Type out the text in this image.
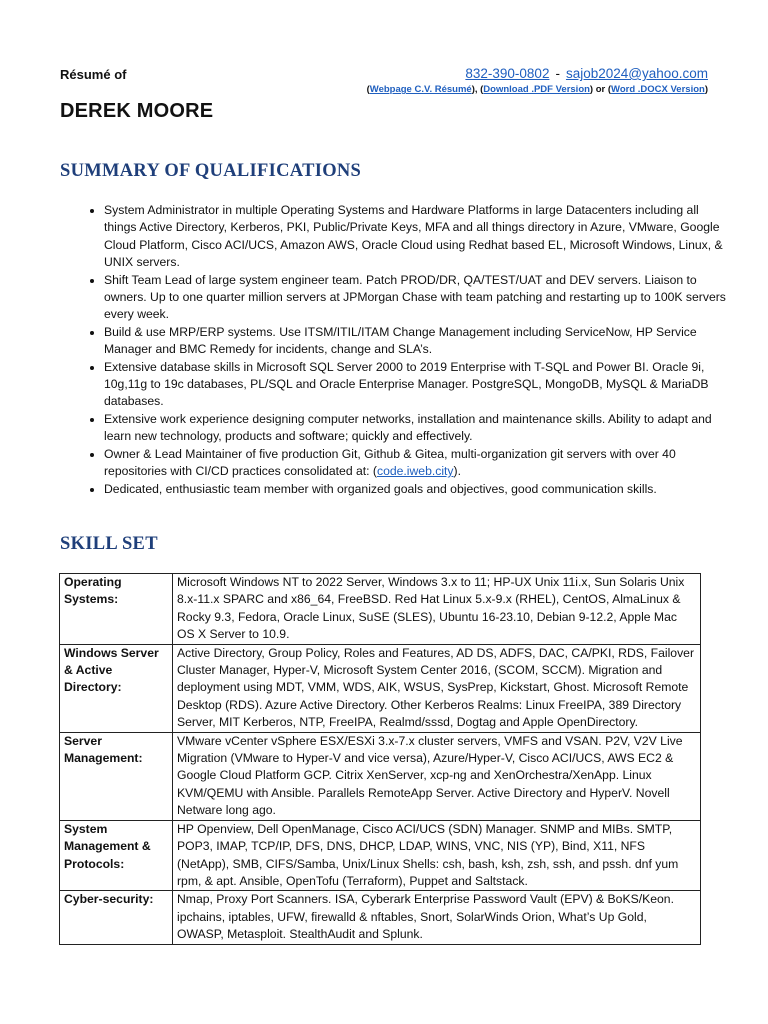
Résumé of	832-390-0802 - sajob2024@yahoo.com
(Webpage C.V. Résumé), (Download .PDF Version) or (Word .DOCX Version)
DEREK MOORE
SUMMARY OF QUALIFICATIONS
• System Administrator in multiple Operating Systems and Hardware Platforms in large Datacenters including all things Active Directory, Kerberos, PKI, Public/Private Keys, MFA and all things directory in Azure, VMware, Google Cloud Platform, Cisco ACI/UCS, Amazon AWS, Oracle Cloud using Redhat based EL, Microsoft Windows, Linux, & UNIX servers.
• Shift Team Lead of large system engineer team. Patch PROD/DR, QA/TEST/UAT and DEV servers. Liaison to owners. Up to one quarter million servers at JPMorgan Chase with team patching and restarting up to 100K servers every week.
• Build & use MRP/ERP systems. Use ITSM/ITIL/ITAM Change Management including ServiceNow, HP Service Manager and BMC Remedy for incidents, change and SLA’s.
• Extensive database skills in Microsoft SQL Server 2000 to 2019 Enterprise with T-SQL and Power BI. Oracle 9i, 10g,11g to 19c databases, PL/SQL and Oracle Enterprise Manager. PostgreSQL, MongoDB, MySQL & MariaDB databases.
• Extensive work experience designing computer networks, installation and maintenance skills. Ability to adapt and learn new technology, products and software; quickly and effectively.
• Owner & Lead Maintainer of five production Git, Github & Gitea, multi-organization git servers with over 40 repositories with CI/CD practices consolidated at: (code.iweb.city).
• Dedicated, enthusiastic team member with organized goals and objectives, good communication skills.
SKILL SET
Operating Systems:	Microsoft Windows NT to 2022 Server, Windows 3.x to 11; HP-UX Unix 11i.x, Sun Solaris Unix 8.x-11.x SPARC and x86_64, FreeBSD. Red Hat Linux 5.x-9.x (RHEL), CentOS, AlmaLinux & Rocky 9.3, Fedora, Oracle Linux, SuSE (SLES), Ubuntu 16-23.10, Debian 9-12.2, Apple Mac OS X Server to 10.9.
Windows Server & Active Directory:	Active Directory, Group Policy, Roles and Features, AD DS, ADFS, DAC, CA/PKI, RDS, Failover Cluster Manager, Hyper-V, Microsoft System Center 2016, (SCOM, SCCM). Migration and deployment using MDT, VMM, WDS, AIK, WSUS, SysPrep, Kickstart, Ghost. Microsoft Remote Desktop (RDS). Azure Active Directory. Other Kerberos Realms: Linux FreeIPA, 389 Directory Server, MIT Kerberos, NTP, FreeIPA, Realmd/sssd, Dogtag and Apple OpenDirectory.
Server Management:	VMware vCenter vSphere ESX/ESXi 3.x-7.x cluster servers, VMFS and VSAN. P2V, V2V Live Migration (VMware to Hyper-V and vice versa), Azure/Hyper-V, Cisco ACI/UCS, AWS EC2 & Google Cloud Platform GCP. Citrix XenServer, xcp-ng and XenOrchestra/XenApp. Linux KVM/QEMU with Ansible. Parallels RemoteApp Server. Active Directory and HyperV. Novell Netware long ago.
System Management & Protocols:	HP Openview, Dell OpenManage, Cisco ACI/UCS (SDN) Manager. SNMP and MIBs. SMTP, POP3, IMAP, TCP/IP, DFS, DNS, DHCP, LDAP, WINS, VNC, NIS (YP), Bind, X11, NFS (NetApp), SMB, CIFS/Samba, Unix/Linux Shells: csh, bash, ksh, zsh, ssh, and pssh. dnf yum rpm, & apt. Ansible, OpenTofu (Terraform), Puppet and Saltstack.
Cyber-security:	Nmap, Proxy Port Scanners. ISA, Cyberark Enterprise Password Vault (EPV) & BoKS/Keon. ipchains, iptables, UFW, firewalld & nftables, Snort, SolarWinds Orion, What’s Up Gold, OWASP, Metasploit. StealthAudit and Splunk.
